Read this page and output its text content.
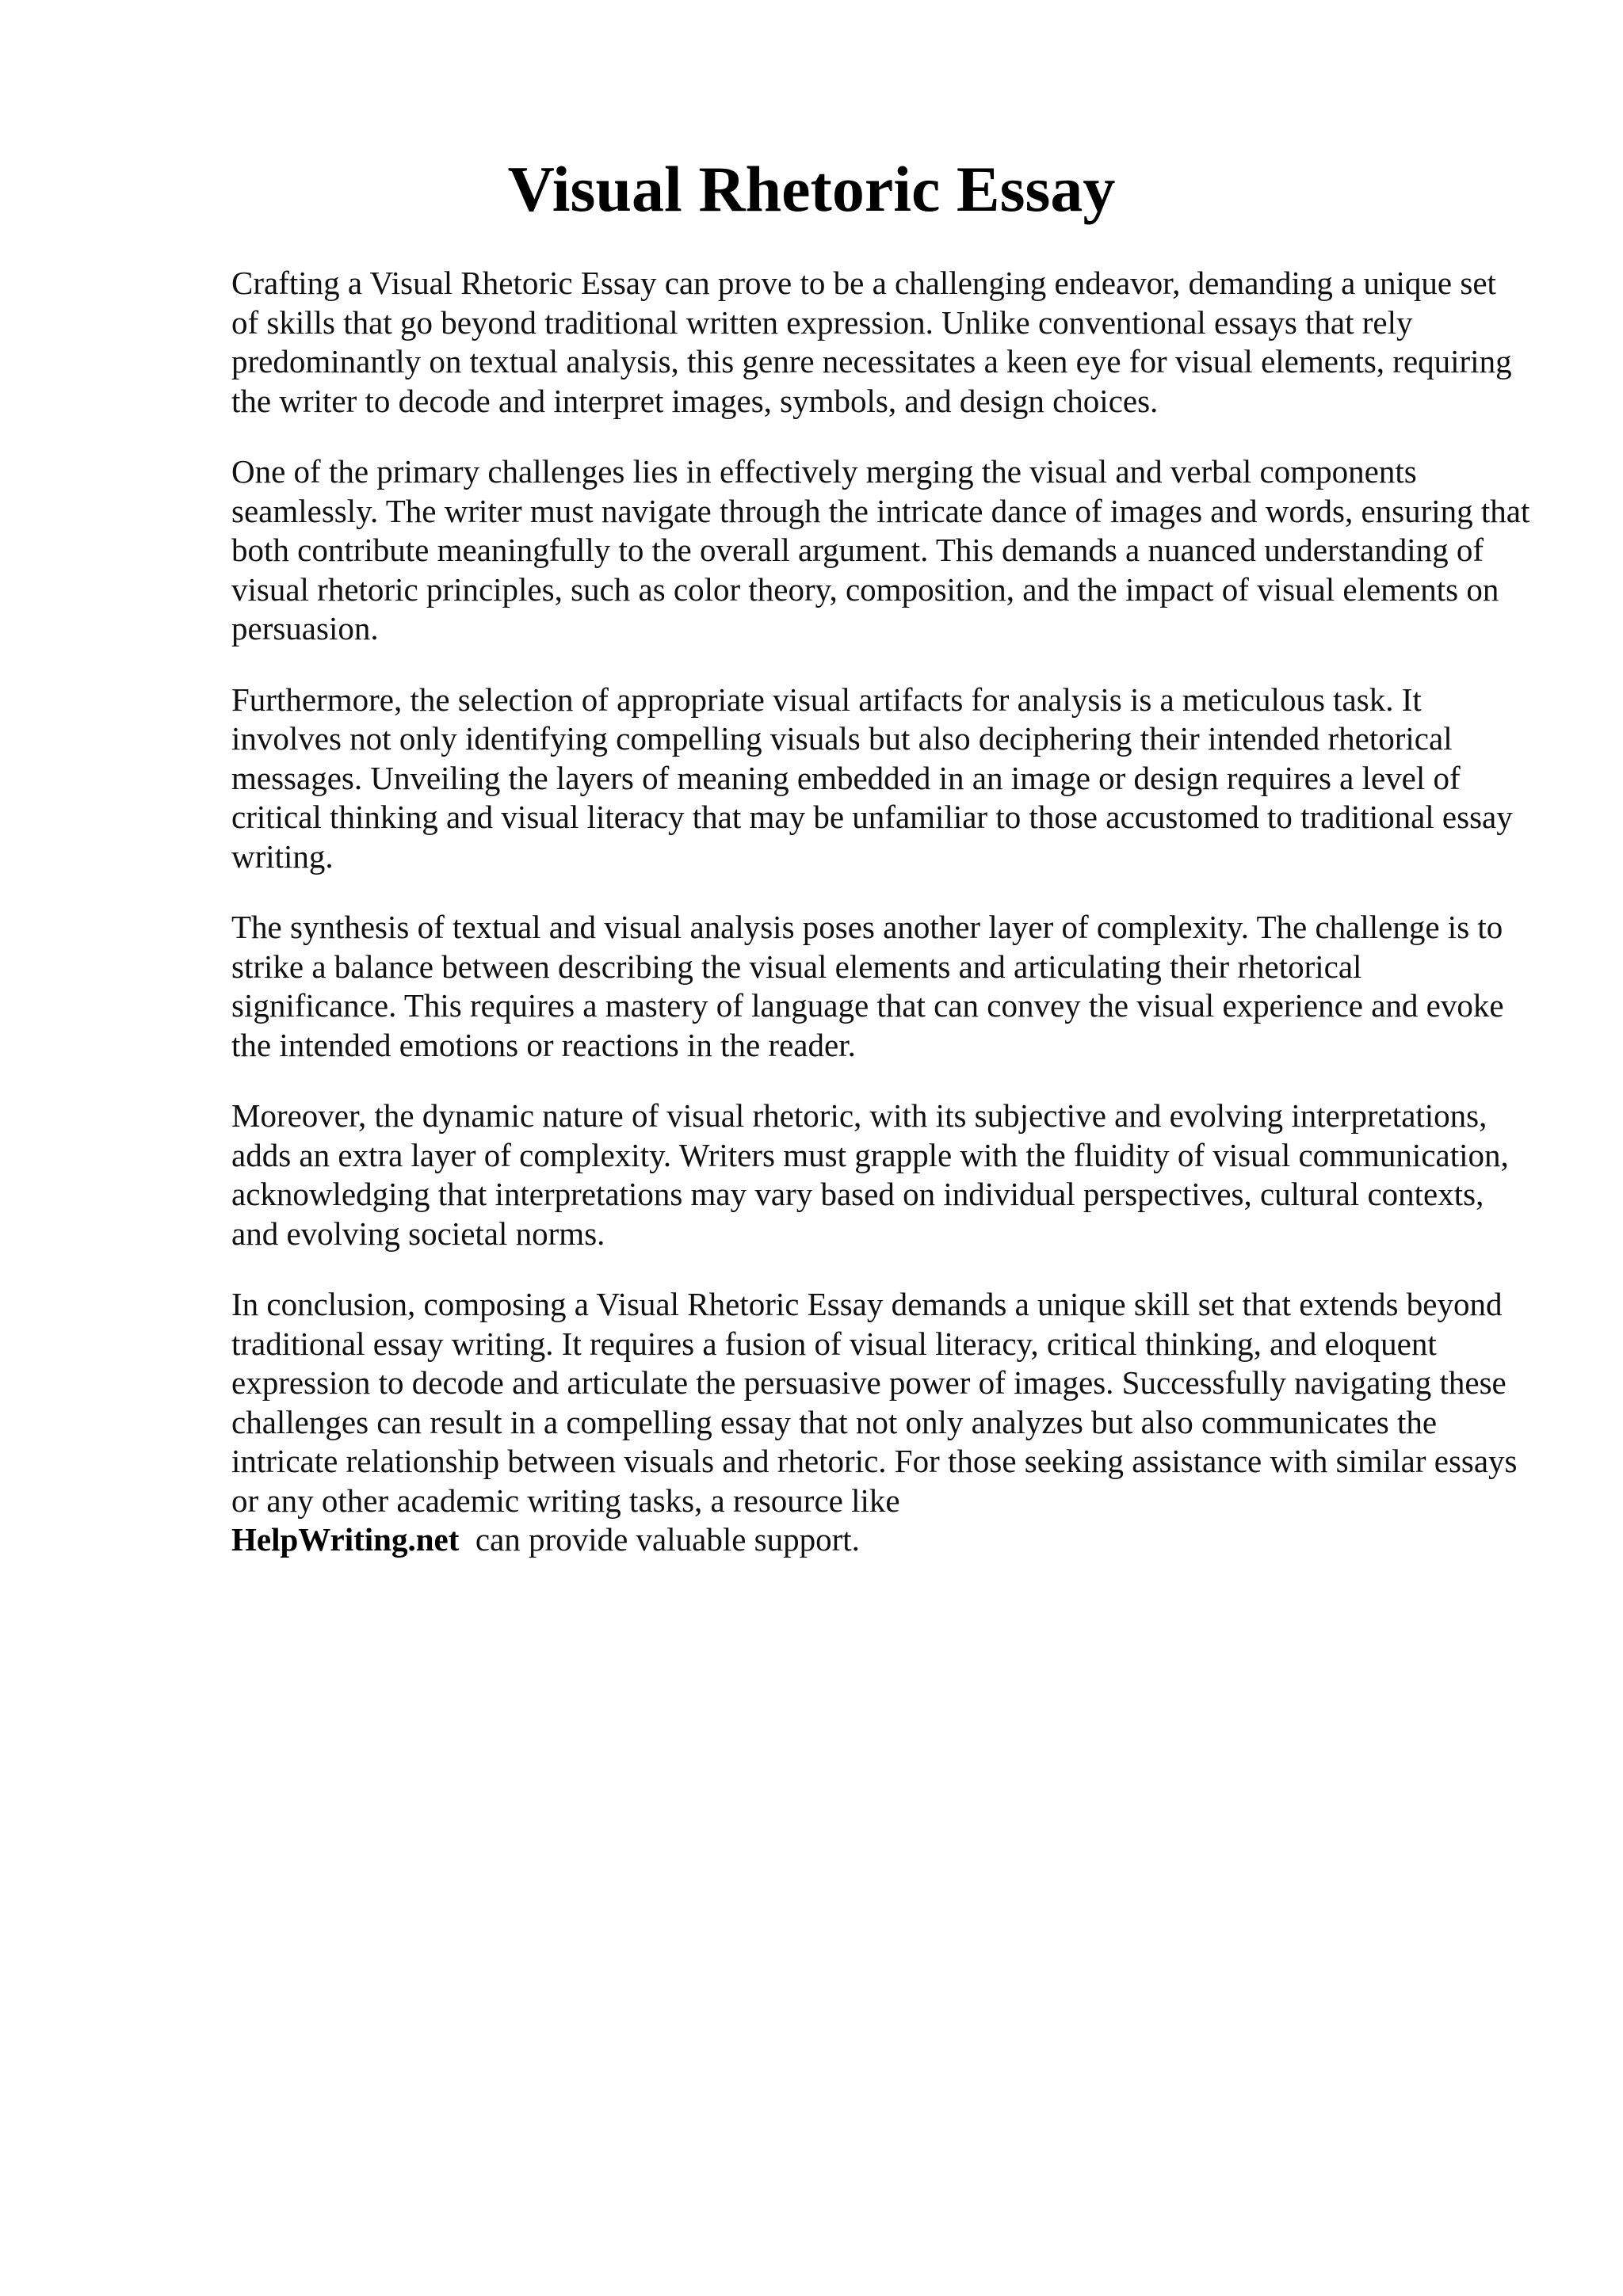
Visual Rhetoric Essay

Crafting a Visual Rhetoric Essay can prove to be a challenging endeavor, demanding a unique set of skills that go beyond traditional written expression. Unlike conventional essays that rely predominantly on textual analysis, this genre necessitates a keen eye for visual elements, requiring the writer to decode and interpret images, symbols, and design choices.

One of the primary challenges lies in effectively merging the visual and verbal components seamlessly. The writer must navigate through the intricate dance of images and words, ensuring that both contribute meaningfully to the overall argument. This demands a nuanced understanding of visual rhetoric principles, such as color theory, composition, and the impact of visual elements on persuasion.

Furthermore, the selection of appropriate visual artifacts for analysis is a meticulous task. It involves not only identifying compelling visuals but also deciphering their intended rhetorical messages. Unveiling the layers of meaning embedded in an image or design requires a level of critical thinking and visual literacy that may be unfamiliar to those accustomed to traditional essay writing.

The synthesis of textual and visual analysis poses another layer of complexity. The challenge is to strike a balance between describing the visual elements and articulating their rhetorical significance. This requires a mastery of language that can convey the visual experience and evoke the intended emotions or reactions in the reader.

Moreover, the dynamic nature of visual rhetoric, with its subjective and evolving interpretations, adds an extra layer of complexity. Writers must grapple with the fluidity of visual communication, acknowledging that interpretations may vary based on individual perspectives, cultural contexts, and evolving societal norms.

In conclusion, composing a Visual Rhetoric Essay demands a unique skill set that extends beyond traditional essay writing. It requires a fusion of visual literacy, critical thinking, and eloquent expression to decode and articulate the persuasive power of images. Successfully navigating these challenges can result in a compelling essay that not only analyzes but also communicates the intricate relationship between visuals and rhetoric. For those seeking assistance with similar essays or any other academic writing tasks, a resource like
HelpWriting.net can provide valuable support.
